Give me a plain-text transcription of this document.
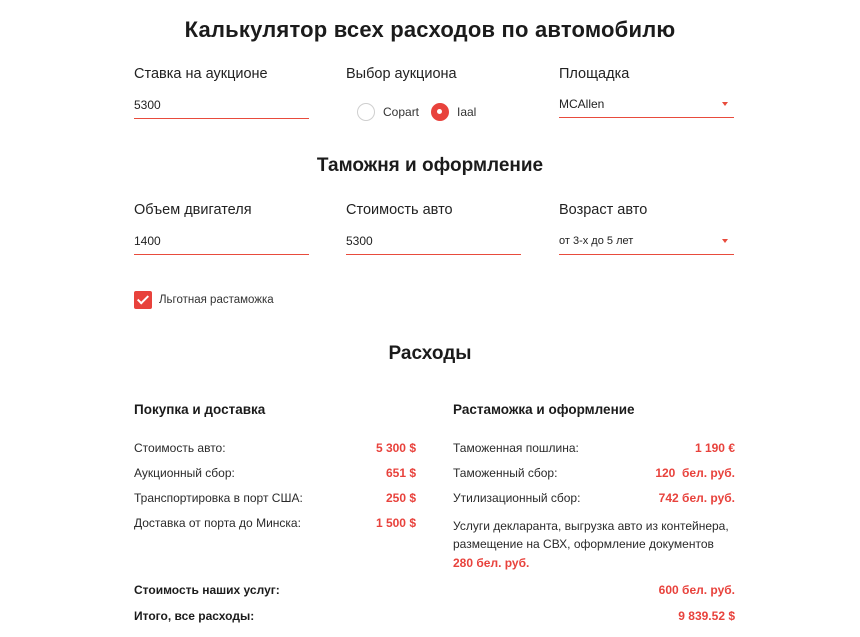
Калькулятор всех расходов по автомобилю
Ставка на аукционе
5300
Выбор аукциона
Copart	Iaal
Площадка
MCAllen
Таможня и оформление
Объем двигателя
1400
Стоимость авто
5300
Возраст авто
от 3-х до 5 лет
Льготная растаможка
Расходы
Покупка и доставка
Стоимость авто:	5 300 $
Аукционный сбор:	651 $
Транспортировка в порт США:	250 $
Доставка от порта до Минска:	1 500 $
Растаможка и оформление
Таможенная пошлина:	1 190 €
Таможенный сбор:	120  бел. руб.
Утилизационный сбор:	742 бел. руб.
Услуги декларанта, выгрузка авто из контейнера, размещение на СВХ, оформление документов
280 бел. руб.
Стоимость наших услуг:	600 бел. руб.
Итого, все расходы:	9 839.52 $
